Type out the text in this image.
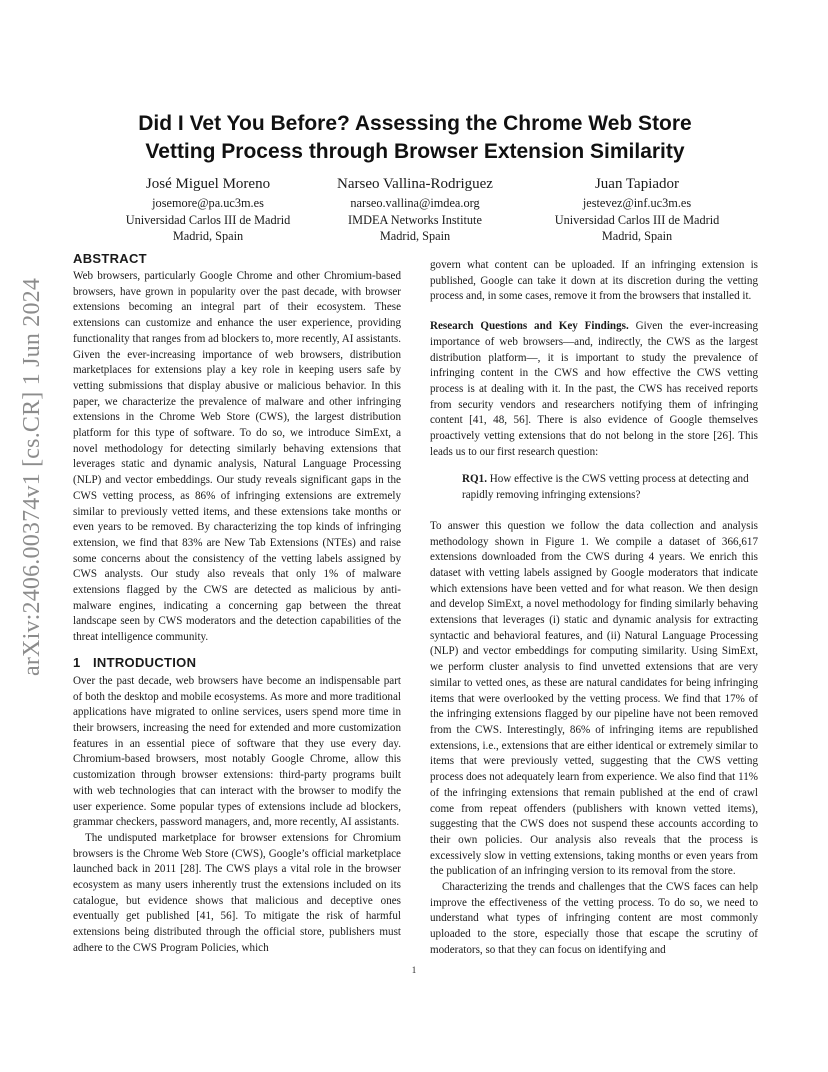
arXiv:2406.00374v1 [cs.CR] 1 Jun 2024
Did I Vet You Before? Assessing the Chrome Web Store
Vetting Process through Browser Extension Similarity
José Miguel Moreno
josemore@pa.uc3m.es
Universidad Carlos III de Madrid
Madrid, Spain
Narseo Vallina-Rodriguez
narseo.vallina@imdea.org
IMDEA Networks Institute
Madrid, Spain
Juan Tapiador
jestevez@inf.uc3m.es
Universidad Carlos III de Madrid
Madrid, Spain
ABSTRACT

Web browsers, particularly Google Chrome and other Chromium-based browsers, have grown in popularity over the past decade, with browser extensions becoming an integral part of their ecosystem. These extensions can customize and enhance the user experience, providing functionality that ranges from ad blockers to, more recently, AI assistants. Given the ever-increasing importance of web browsers, distribution marketplaces for extensions play a key role in keeping users safe by vetting submissions that display abusive or malicious behavior. In this paper, we characterize the prevalence of malware and other infringing extensions in the Chrome Web Store (CWS), the largest distribution platform for this type of software. To do so, we introduce SimExt, a novel methodology for detecting similarly behaving extensions that leverages static and dynamic analysis, Natural Language Processing (NLP) and vector embeddings. Our study reveals significant gaps in the CWS vetting process, as 86% of infringing extensions are extremely similar to previously vetted items, and these extensions take months or even years to be removed. By characterizing the top kinds of infringing extension, we find that 83% are New Tab Extensions (NTEs) and raise some concerns about the consistency of the vetting labels assigned by CWS analysts. Our study also reveals that only 1% of malware extensions flagged by the CWS are detected as malicious by anti-malware engines, indicating a concerning gap between the threat landscape seen by CWS moderators and the detection capabilities of the threat intelligence community.

1 INTRODUCTION

Over the past decade, web browsers have become an indispensable part of both the desktop and mobile ecosystems. As more and more traditional applications have migrated to online services, users spend more time in their browsers, increasing the need for extended and more customization features in an essential piece of software that they use every day. Chromium-based browsers, most notably Google Chrome, allow this customization through browser extensions: third-party programs built with web technologies that can interact with the browser to modify the user experience. Some popular types of extensions include ad blockers, grammar checkers, password managers, and, more recently, AI assistants.

The undisputed marketplace for browser extensions for Chromium browsers is the Chrome Web Store (CWS), Google’s official marketplace launched back in 2011 [28]. The CWS plays a vital role in the browser ecosystem as many users inherently trust the extensions included on its catalogue, but evidence shows that malicious and deceptive ones eventually get published [41, 56]. To mitigate the risk of harmful extensions being distributed through the official store, publishers must adhere to the CWS Program Policies, which

govern what content can be uploaded. If an infringing extension is published, Google can take it down at its discretion during the vetting process and, in some cases, remove it from the browsers that installed it.

Research Questions and Key Findings. Given the ever-increasing importance of web browsers—and, indirectly, the CWS as the largest distribution platform—, it is important to study the prevalence of infringing content in the CWS and how effective the CWS vetting process is at dealing with it. In the past, the CWS has received reports from security vendors and researchers notifying them of infringing content [41, 48, 56]. There is also evidence of Google themselves proactively vetting extensions that do not belong in the store [26]. This leads us to our first research question:

RQ1. How effective is the CWS vetting process at detecting and rapidly removing infringing extensions?

To answer this question we follow the data collection and analysis methodology shown in Figure 1. We compile a dataset of 366,617 extensions downloaded from the CWS during 4 years. We enrich this dataset with vetting labels assigned by Google moderators that indicate which extensions have been vetted and for what reason. We then design and develop SimExt, a novel methodology for finding similarly behaving extensions that leverages (i) static and dynamic analysis for extracting syntactic and behavioral features, and (ii) Natural Language Processing (NLP) and vector embeddings for computing similarity. Using SimExt, we perform cluster analysis to find unvetted extensions that are very similar to vetted ones, as these are natural candidates for being infringing items that were overlooked by the vetting process. We find that 17% of the infringing extensions flagged by our pipeline have not been removed from the CWS. Interestingly, 86% of infringing items are republished extensions, i.e., extensions that are either identical or extremely similar to items that were previously vetted, suggesting that the CWS vetting process does not adequately learn from experience. We also find that 11% of the infringing extensions that remain published at the end of crawl come from repeat offenders (publishers with known vetted items), suggesting that the CWS does not suspend these accounts according to their own policies. Our analysis also reveals that the process is excessively slow in vetting extensions, taking months or even years from the publication of an infringing version to its removal from the store.

Characterizing the trends and challenges that the CWS faces can help improve the effectiveness of the vetting process. To do so, we need to understand what types of infringing content are most commonly uploaded to the store, especially those that escape the scrutiny of moderators, so that they can focus on identifying and

1
